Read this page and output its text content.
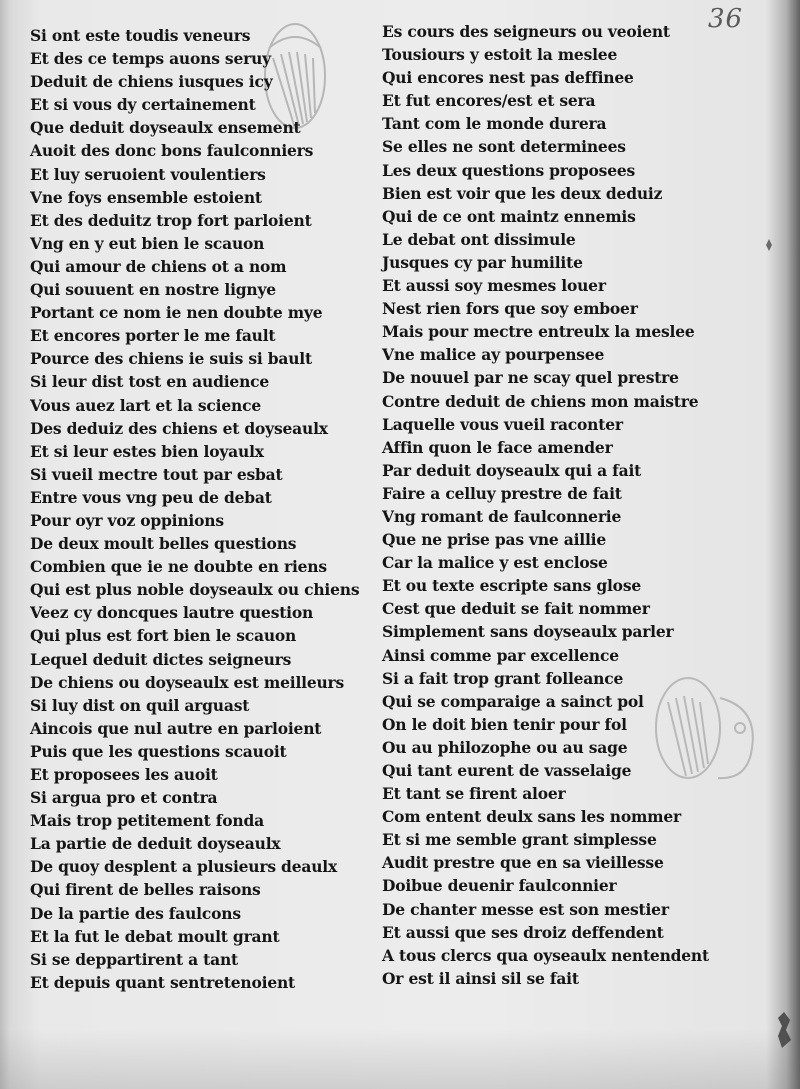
36
Si ont este toudis veneurs
Et des ce temps auons seruy
Deduit de chiens iusques icy
Et si vous dy certainement
Que deduit doyseaulx ensement
Auoit des donc bons faulconniers
Et luy seruoient voulentiers
Vne foys ensemble estoient
Et des deduitz trop fort parloient
Vng en y eut bien le scauon
Qui amour de chiens ot a nom
Qui souuent en nostre lignye
Portant ce nom ie nen doubte mye
Et encores porter le me fault
Pource des chiens ie suis si bault
Si leur dist tost en audience
Vous auez lart et la science
Des deduiz des chiens et doyseaulx
Et si leur estes bien loyaulx
Si vueil mectre tout par esbat
Entre vous vng peu de debat
Pour oyr voz oppinions
De deux moult belles questions
Combien que ie ne doubte en riens
Qui est plus noble doyseaulx ou chiens
Veez cy doncques lautre question
Qui plus est fort bien le scauon
Lequel deduit dictes seigneurs
De chiens ou doyseaulx est meilleurs
Si luy dist on quil arguast
Aincois que nul autre en parloient
Puis que les questions scauoit
Et proposees les auoit
Si argua pro et contra
Mais trop petitement fonda
La partie de deduit doyseaulx
De quoy desplent a plusieurs deaulx
Qui firent de belles raisons
De la partie des faulcons
Et la fut le debat moult grant
Si se deppartirent a tant
Et depuis quant sentretenoient
Es cours des seigneurs ou veoient
Tousiours y estoit la meslee
Qui encores nest pas deffinee
Et fut encores/est et sera
Tant com le monde durera
Se elles ne sont determinees
Les deux questions proposees
Bien est voir que les deux deduiz
Qui de ce ont maintz ennemis
Le debat ont dissimule
Jusques cy par humilite
Et aussi soy mesmes louer
Nest rien fors que soy emboer
Mais pour mectre entreulx la meslee
Vne malice ay pourpensee
De nouuel par ne scay quel prestre
Contre deduit de chiens mon maistre
Laquelle vous vueil raconter
Affin quon le face amender
Par deduit doyseaulx qui a fait
Faire a celluy prestre de fait
Vng romant de faulconnerie
Que ne prise pas vne aillie
Car la malice y est enclose
Et ou texte escripte sans glose
Cest que deduit se fait nommer
Simplement sans doyseaulx parler
Ainsi comme par excellence
Si a fait trop grant folleance
Qui se comparaige a sainct pol
On le doit bien tenir pour fol
Ou au philozophe ou au sage
Qui tant eurent de vasselaige
Et tant se firent aloer
Com entent deulx sans les nommer
Et si me semble grant simplesse
Audit prestre que en sa vieillesse
Doibue deuenir faulconnier
De chanter messe est son mestier
Et aussi que ses droiz deffendent
A tous clercs qua oyseaulx nentendent
Or est il ainsi sil se fait
